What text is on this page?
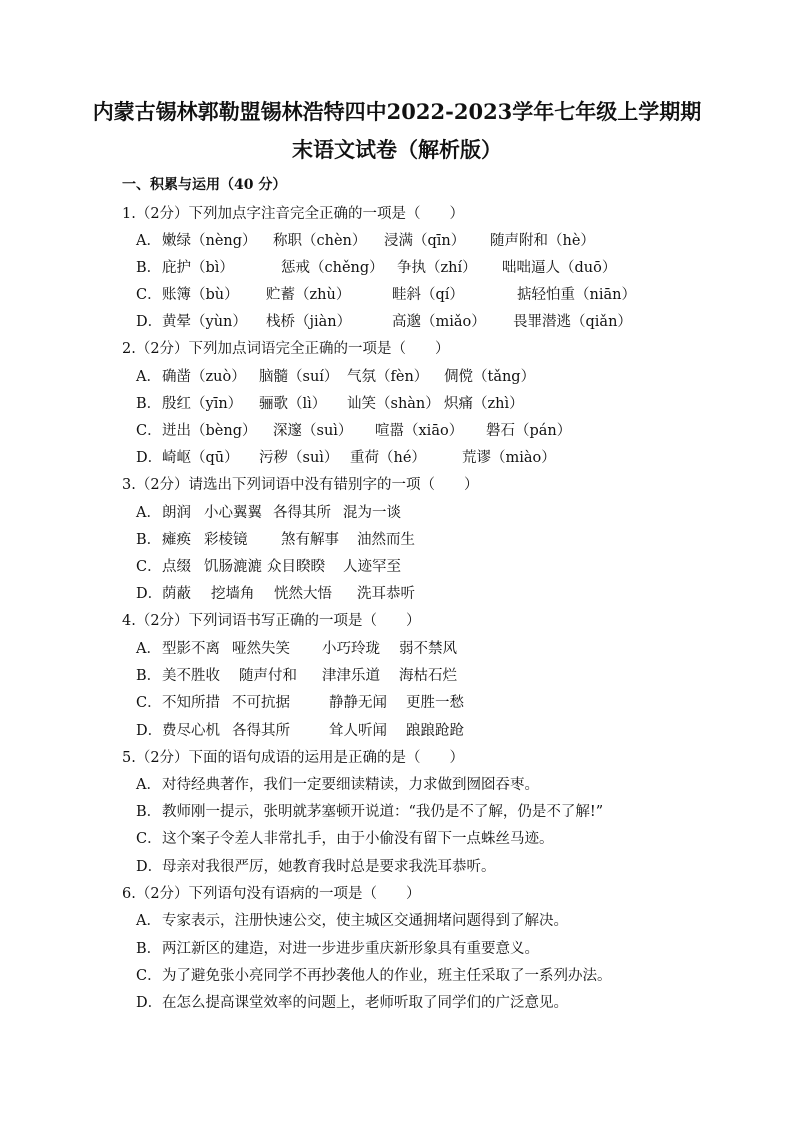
内蒙古锡林郭勒盟锡林浩特四中2022-2023学年七年级上学期期
末语文试卷（解析版）
一、积累与运用（40 分）
1.（2分）下列加点字注音完全正确的一项是（　　）
A． 嫩绿（nèng） 称职（chèn） 浸满（qīn） 随声附和（hè）
B． 庇护（bì）	惩戒（chěng） 争执（zhí） 咄咄逼人（duō）
C． 账簿（bù） 贮蓄（zhù）	畦斜（qí）	掂轻怕重（niān）
D． 黄晕（yùn） 栈桥（jiàn）	高邈（miǎo） 畏罪潜逃（qiǎn）
2.（2分）下列加点词语完全正确的一项是（　　）
A． 确凿（zuò） 脑髓（suí） 气氛（fèn） 倜傥（tǎng）
B． 殷红（yīn） 骊歌（lì） 讪笑（shàn） 炽痛（zhì）
C． 迸出（bèng） 深邃（suì） 喧嚣（xiāo） 磐石（pán）
D． 崎岖（qū） 污秽（suì） 重荷（hé） 荒谬（miào）
3.（2分）请选出下列词语中没有错别字的一项（　　）
A． 朗润 小心翼翼 各得其所 混为一谈
B． 瘫痪 彩棱镜 煞有解事 油然而生
C． 点缀 饥肠漉漉 众目睽睽 人迹罕至
D． 荫蔽 挖墙角 恍然大悟 洗耳恭听
4.（2分）下列词语书写正确的一项是（　　）
A． 型影不离 哑然失笑 小巧玲珑 弱不禁风
B． 美不胜收 随声付和 津津乐道 海枯石烂
C． 不知所措 不可抗据	静静无闻 更胜一愁
D． 费尽心机 各得其所	耸人听闻 踉踉跄跄
5.（2分）下面的语句成语的运用是正确的是（　　）
A． 对待经典著作，我们一定要细读精读，力求做到囫囵吞枣。
B． 教师刚一提示，张明就茅塞顿开说道：“我仍是不了解，仍是不了解!”
C． 这个案子令差人非常扎手，由于小偷没有留下一点蛛丝马迹。
D． 母亲对我很严厉，她教育我时总是要求我洗耳恭听。
6.（2分）下列语句没有语病的一项是（　　）
A． 专家表示，注册快速公交，使主城区交通拥堵问题得到了解决。
B． 两江新区的建造，对进一步进步重庆新形象具有重要意义。
C． 为了避免张小亮同学不再抄袭他人的作业，班主任采取了一系列办法。
D． 在怎么提高课堂效率的问题上，老师听取了同学们的广泛意见。
